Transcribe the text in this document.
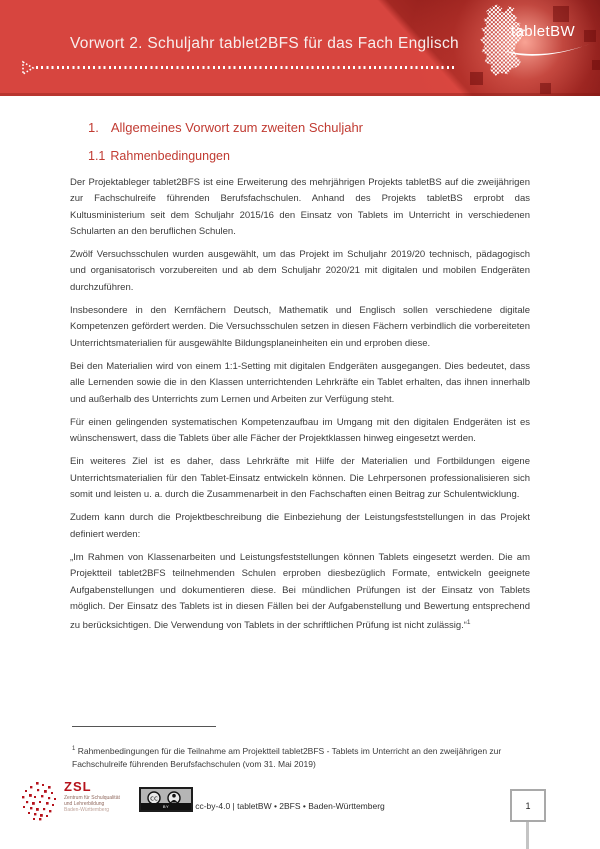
Vorwort 2. Schuljahr tablet2BFS für das Fach Englisch
tabletBW
1. Allgemeines Vorwort zum zweiten Schuljahr
1.1 Rahmenbedingungen

Der Projektableger tablet2BFS ist eine Erweiterung des mehrjährigen Projekts tabletBS auf die zweijährigen zur Fachschulreife führenden Berufsfachschulen. Anhand des Projekts tabletBS erprobt das Kultusministerium seit dem Schuljahr 2015/16 den Einsatz von Tablets im Unterricht in verschiedenen Schularten an den beruflichen Schulen.

Zwölf Versuchsschulen wurden ausgewählt, um das Projekt im Schuljahr 2019/20 technisch, pädagogisch und organisatorisch vorzubereiten und ab dem Schuljahr 2020/21 mit digitalen und mobilen Endgeräten durchzuführen.

Insbesondere in den Kernfächern Deutsch, Mathematik und Englisch sollen verschiedene digitale Kompetenzen gefördert werden. Die Versuchsschulen setzen in diesen Fächern verbindlich die vorbereiteten Unterrichtsmaterialien für ausgewählte Bildungsplaneinheiten ein und erproben diese.

Bei den Materialien wird von einem 1:1-Setting mit digitalen Endgeräten ausgegangen. Dies bedeutet, dass alle Lernenden sowie die in den Klassen unterrichtenden Lehrkräfte ein Tablet erhalten, das ihnen innerhalb und außerhalb des Unterrichts zum Lernen und Arbeiten zur Verfügung steht.

Für einen gelingenden systematischen Kompetenzaufbau im Umgang mit den digitalen Endgeräten ist es wünschenswert, dass die Tablets über alle Fächer der Projektklassen hinweg eingesetzt werden.

Ein weiteres Ziel ist es daher, dass Lehrkräfte mit Hilfe der Materialien und Fortbildungen eigene Unterrichtsmaterialien für den Tablet-Einsatz entwickeln können. Die Lehrpersonen professionalisieren sich somit und leisten u. a. durch die Zusammenarbeit in den Fachschaften einen Beitrag zur Schulentwicklung.

Zudem kann durch die Projektbeschreibung die Einbeziehung der Leistungsfeststellungen in das Projekt definiert werden:

„Im Rahmen von Klassenarbeiten und Leistungsfeststellungen können Tablets eingesetzt werden. Die am Projektteil tablet2BFS teilnehmenden Schulen erproben diesbezüglich Formate, entwickeln geeignete Aufgabenstellungen und dokumentieren diese. Bei mündlichen Prüfungen ist der Einsatz von Tablets möglich. Der Einsatz des Tablets ist in diesen Fällen bei der Aufgabenstellung und Bewertung entsprechend zu berücksichtigen. Die Verwendung von Tablets in der schriftlichen Prüfung ist nicht zulässig.“$^1$

$^1$ Rahmenbedingungen für die Teilnahme am Projektteil tablet2BFS - Tablets im Unterricht an den zweijährigen zur Fachschulreife führenden Berufsfachschulen (vom 31. Mai 2019)
ZSL
Zentrum für Schulqualität
und Lehrerbildung
Baden-Württemberg
cc
BY	cc-by-4.0 | tabletBW • 2BFS • Baden-Württemberg	1
